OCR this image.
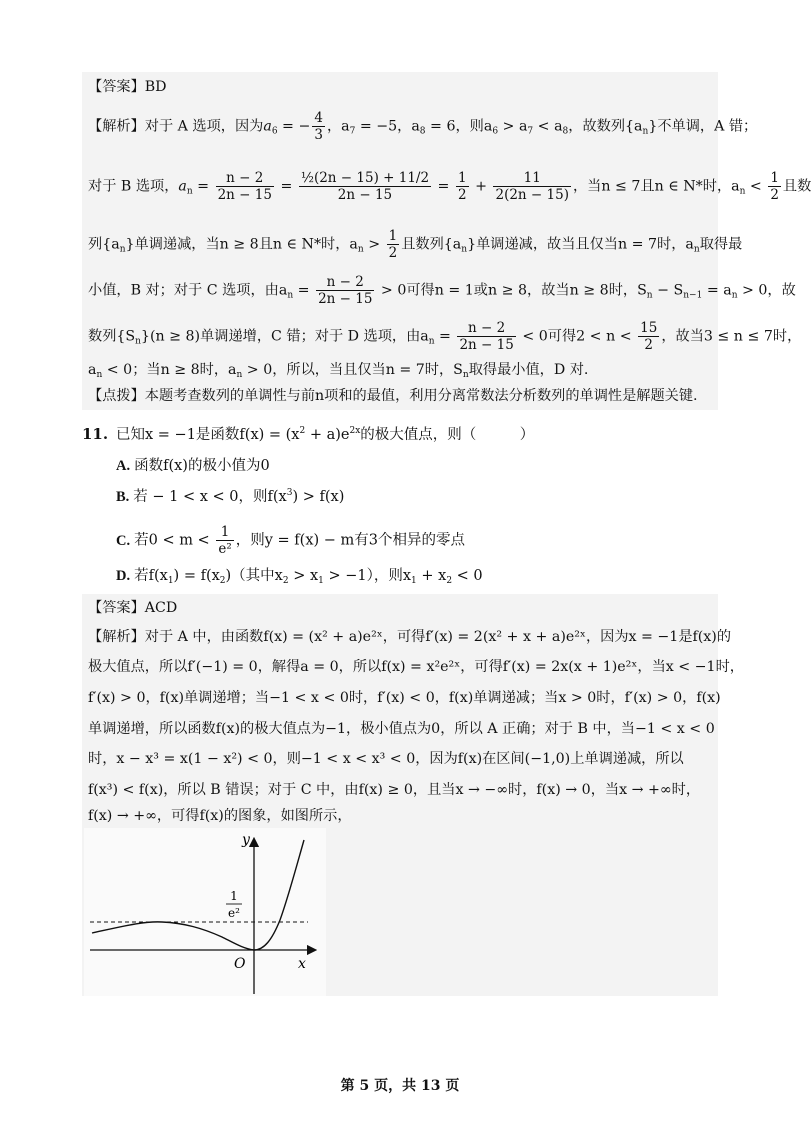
【答案】BD
【解析】对于 A 选项，因为$a_6$ = − $\frac{4}{3}$ ，$a_7 = -5$，$a_8 = 6$，则$a_6 > a_7 < a_8$，故数列$\{a_n\}$不单调，A 错；
对于 B 选项，$a_n = \frac{n - 2}{2n - 15} = \frac{\text{½(2n − 15) + 11/2}}{2n - 15} = \frac{1}{2} + \frac{11}{2(2n - 15)}$ ，当n ≤ 7且n ∈ N*时，$a_n < \frac{1}{2}$ 且数
列$\{a_n\}$单调递减，当n ≥ 8且n ∈ N*时，$a_n > \frac{1}{2}$ 且数列$\{a_n\}$单调递减，故当且仅当n = 7时，$a_n$取得最
小值，B 对；对于 C 选项，由$a_n = \frac{n - 2}{2n - 15} > 0$可得n = 1或n ≥ 8，故当n ≥ 8时，$S_n - S_{n-1} = a_n > 0$，故
数列$\{S_n\}(n \ge 8)$单调递增，C 错；对于 D 选项，由$a_n = \frac{n - 2}{2n - 15} < 0$可得$2 < n < \frac{15}{2}$ ，故当3 ≤ n ≤ 7时，
$a_n < 0$；当n ≥ 8时，$a_n > 0$，所以，当且仅当n = 7时，$S_n$取得最小值，D 对.
【点拨】本题考查数列的单调性与前n项和的最值，利用分离常数法分析数列的单调性是解题关键.
11. 已知x = −1是函数$f(x) = (x^2 + a)e^{2x}$的极大值点，则（　　　）
A. 函数f(x)的极小值为0
B. 若 − 1 < x < 0，则$f(x^3) > f(x)$
C. 若$0 < m < \frac{1}{\text{e²}}$ ，则y = f(x) − m有3个相异的零点
D. 若$f(x_1) = f(x_2)$（其中$x_2 > x_1 > -1$），则$x_1 + x_2 < 0$
【答案】ACD
【解析】对于 A 中，由函数f(x) = (x² + a)e²ˣ，可得f′(x) = 2(x² + x + a)e²ˣ，因为x = −1是f(x)的
极大值点，所以f′(−1) = 0，解得a = 0，所以f(x) = x²e²ˣ，可得f′(x) = 2x(x + 1)e²ˣ，当x < −1时，
f′(x) > 0，f(x)单调递增；当−1 < x < 0时，f′(x) < 0，f(x)单调递减；当x > 0时，f′(x) > 0，f(x)
单调递增，所以函数f(x)的极大值点为−1，极小值点为0，所以 A 正确；对于 B 中，当−1 < x < 0
时，x − x³ = x(1 − x²) < 0，则−1 < x < x³ < 0，因为f(x)在区间(−1,0)上单调递减，所以
f(x³) < f(x)，所以 B 错误；对于 C 中，由f(x) ≥ 0，且当x → −∞时，f(x) → 0，当x → +∞时，
f(x) → +∞，可得f(x)的图象，如图所示，
y
x
O
1
e²
第 5 页，共 13 页
